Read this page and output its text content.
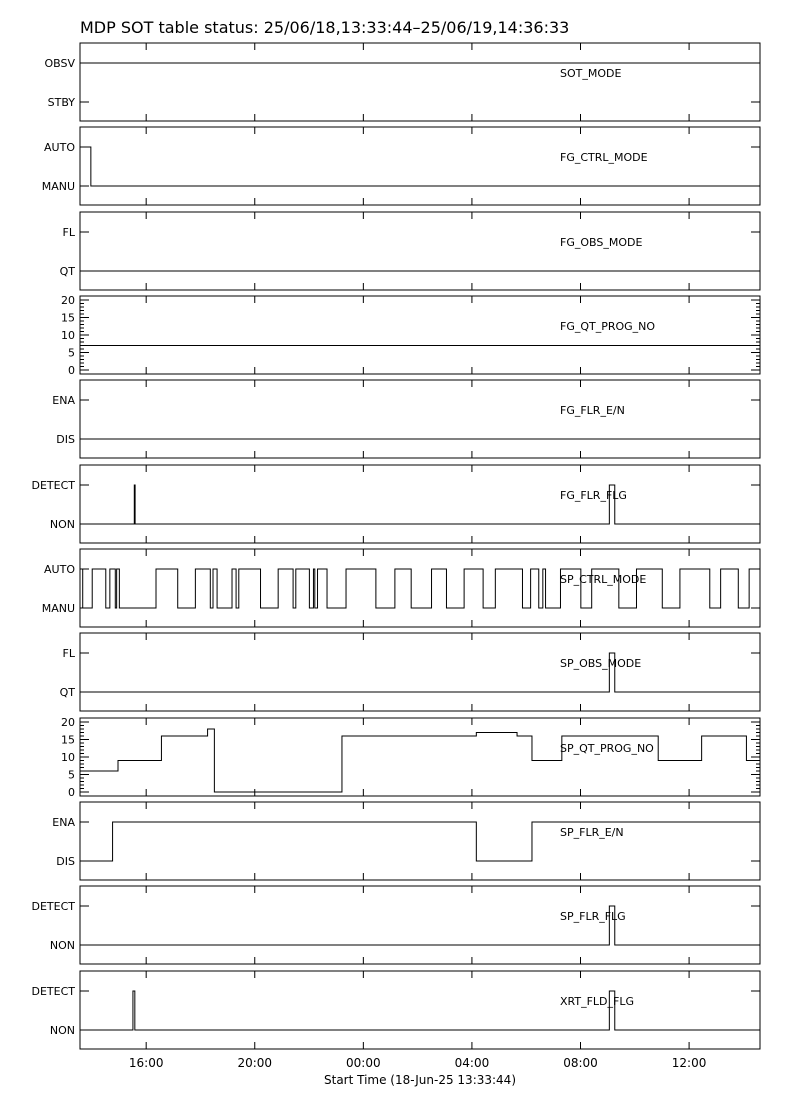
MDP SOT table status: 25/06/18,13:33:44–25/06/19,14:36:33
OBSV
STBY
SOT_MODE
AUTO
MANU
FG_CTRL_MODE
FL
QT
FG_OBS_MODE
0
5
10
15
20
FG_QT_PROG_NO
ENA
DIS
FG_FLR_E/N
DETECT
NON
FG_FLR_FLG
AUTO
MANU
SP_CTRL_MODE
FL
QT
SP_OBS_MODE
0
5
10
15
20
SP_QT_PROG_NO
ENA
DIS
SP_FLR_E/N
DETECT
NON
SP_FLR_FLG
DETECT
NON
XRT_FLD_FLG
16:00	20:00	00:00	04:00	08:00	12:00
Start Time (18-Jun-25 13:33:44)
